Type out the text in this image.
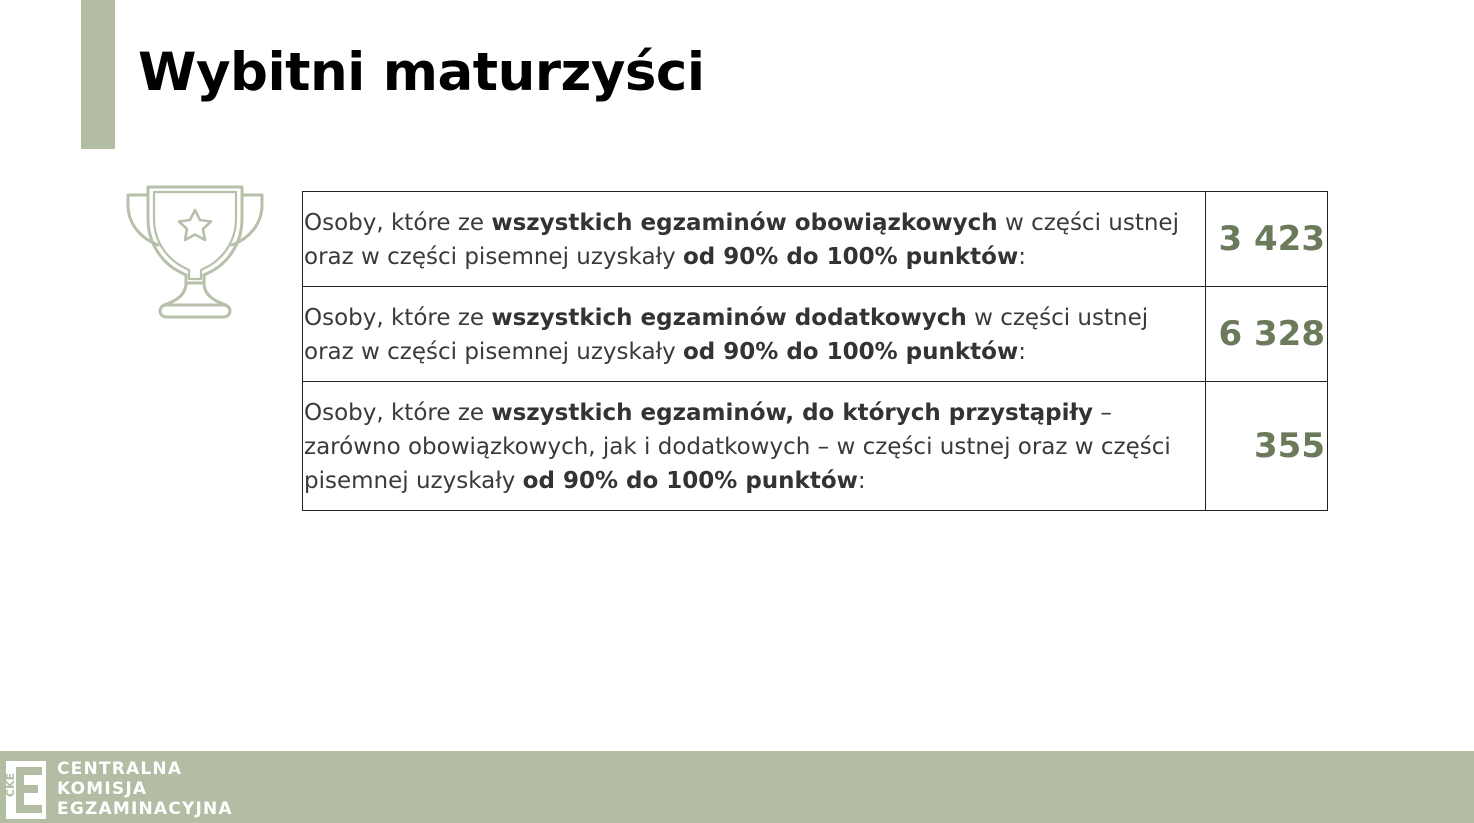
Wybitni maturzyści
Osoby, które ze wszystkich egzaminów obowiązkowych w części ustnej oraz w części pisemnej uzyskały od 90% do 100% punktów:	3 423
Osoby, które ze wszystkich egzaminów dodatkowych w części ustnej oraz w części pisemnej uzyskały od 90% do 100% punktów:	6 328
Osoby, które ze wszystkich egzaminów, do których przystąpiły – zarówno obowiązkowych, jak i dodatkowych – w części ustnej oraz w części pisemnej uzyskały od 90% do 100% punktów:	355
CKE

CENTRALNA
KOMISJA
EGZAMINACYJNA
